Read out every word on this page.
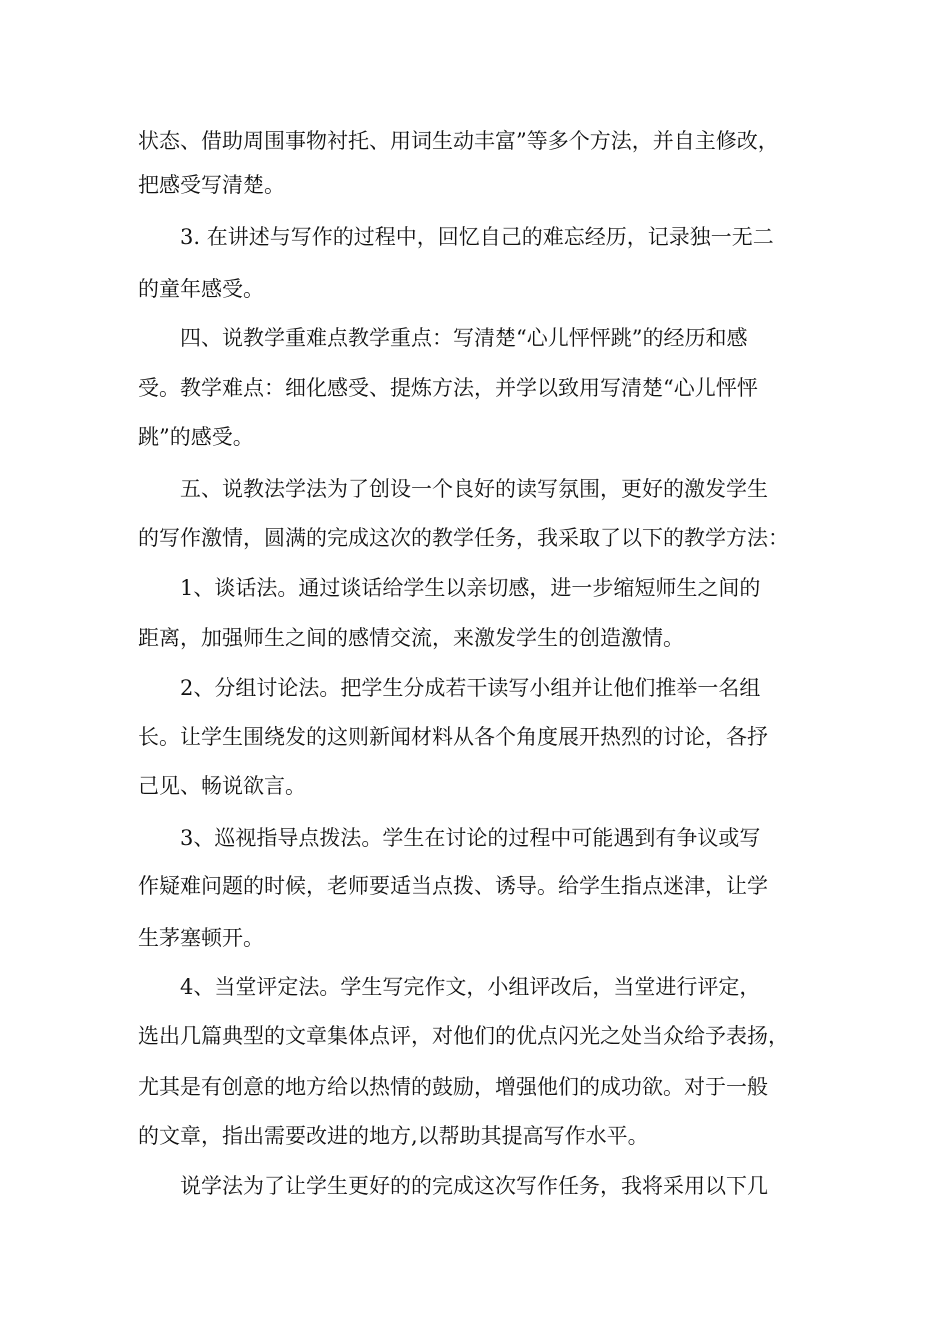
状态、借助周围事物衬托、用词生动丰富”等多个方法，并自主修改，
把感受写清楚。
3. 在讲述与写作的过程中，回忆自己的难忘经历，记录独一无二
的童年感受。
四、说教学重难点教学重点：写清楚“心儿怦怦跳”的经历和感
受。教学难点：细化感受、提炼方法，并学以致用写清楚“心儿怦怦
跳”的感受。
五、说教法学法为了创设一个良好的读写氛围，更好的激发学生
的写作激情，圆满的完成这次的教学任务，我采取了以下的教学方法：
1、谈话法。通过谈话给学生以亲切感，进一步缩短师生之间的
距离，加强师生之间的感情交流，来激发学生的创造激情。
2、分组讨论法。把学生分成若干读写小组并让他们推举一名组
长。让学生围绕发的这则新闻材料从各个角度展开热烈的讨论，各抒
己见、畅说欲言。
3、巡视指导点拨法。学生在讨论的过程中可能遇到有争议或写
作疑难问题的时候，老师要适当点拨、诱导。给学生指点迷津，让学
生茅塞顿开。
4、当堂评定法。学生写完作文，小组评改后，当堂进行评定，
选出几篇典型的文章集体点评，对他们的优点闪光之处当众给予表扬，
尤其是有创意的地方给以热情的鼓励，增强他们的成功欲。对于一般
的文章，指出需要改进的地方,以帮助其提高写作水平。
说学法为了让学生更好的的完成这次写作任务，我将采用以下几
